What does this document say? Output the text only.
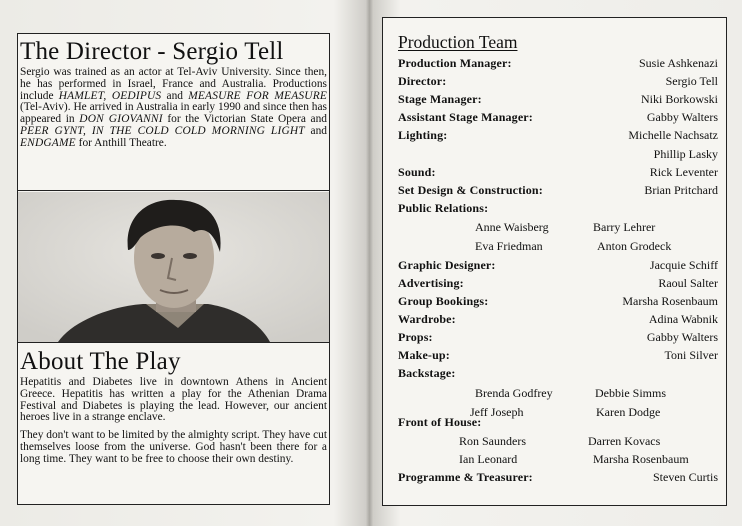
The Director - Sergio Tell

Sergio was trained as an actor at Tel-Aviv University. Since then, he has performed in Israel, France and Australia. Productions include HAMLET, OEDIPUS and MEASURE FOR MEASURE (Tel-Aviv). He arrived in Australia in early 1990 and since then has appeared in DON GIOVANNI for the Victorian State Opera and PEER GYNT, IN THE COLD COLD MORNING LIGHT and ENDGAME for Anthill Theatre.

About The Play

Hepatitis and Diabetes live in downtown Athens in Ancient Greece. Hepatitis has written a play for the Athenian Drama Festival and Diabetes is playing the lead. However, our ancient heroes live in a strange enclave.

They don't want to be limited by the almighty script. They have cut themselves loose from the universe. God hasn't been there for a long time. They want to be free to choose their own destiny.

Production Team
Production Manager:	Susie Ashkenazi
Director:	Sergio Tell
Stage Manager:	Niki Borkowski
Assistant Stage Manager:	Gabby Walters
Lighting:	Michelle Nachsatz
Phillip Lasky
Sound:	Rick Leventer
Set Design & Construction:	Brian Pritchard
Public Relations:
Anne Waisberg	Barry Lehrer
Eva Friedman	Anton Grodeck
Graphic Designer:	Jacquie Schiff
Advertising:	Raoul Salter
Group Bookings:	Marsha Rosenbaum
Wardrobe:	Adina Wabnik
Props:	Gabby Walters
Make-up:	Toni Silver
Backstage:
Brenda Godfrey	Debbie Simms
Jeff Joseph	Karen Dodge
Front of House:
Ron Saunders	Darren Kovacs
Ian Leonard	Marsha Rosenbaum
Programme & Treasurer:	Steven Curtis
